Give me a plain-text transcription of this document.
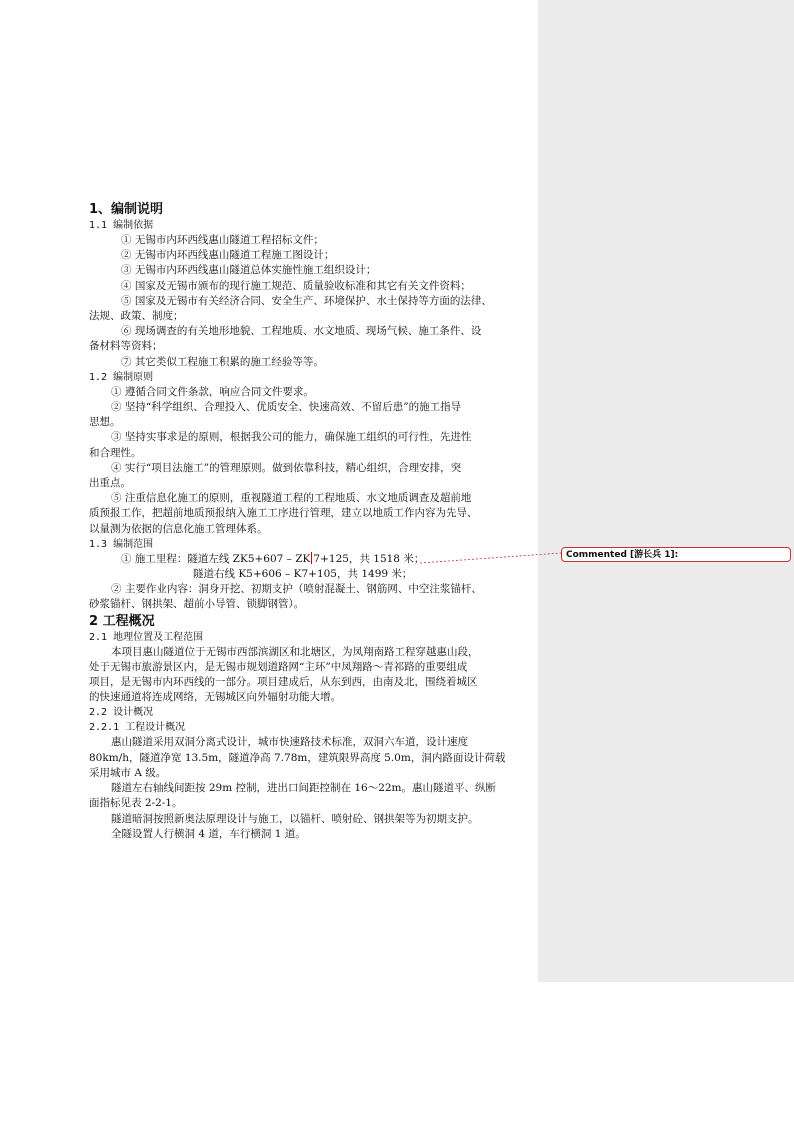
Commented [游长兵 1]:

1、编制说明

1.1 编制依据

① 无锡市内环西线惠山隧道工程招标文件；

② 无锡市内环西线惠山隧道工程施工图设计；

③ 无锡市内环西线惠山隧道总体实施性施工组织设计；

④ 国家及无锡市颁布的现行施工规范、质量验收标准和其它有关文件资料；

⑤ 国家及无锡市有关经济合同、安全生产、环境保护、水土保持等方面的法律、

法规、政策、制度；

⑥ 现场调查的有关地形地貌、工程地质、水文地质、现场气候、施工条件、设

备材料等资料；

⑦ 其它类似工程施工积累的施工经验等等。

1.2 编制原则

① 遵循合同文件条款，响应合同文件要求。

② 坚持“科学组织、合理投入、优质安全、快速高效、不留后患”的施工指导

思想。

③ 坚持实事求是的原则，根据我公司的能力，确保施工组织的可行性，先进性

和合理性。

④ 实行“项目法施工”的管理原则。做到依靠科技，精心组织，合理安排，突

出重点。

⑤ 注重信息化施工的原则，重视隧道工程的工程地质、水文地质调查及超前地

质预报工作，把超前地质预报纳入施工工序进行管理，建立以地质工作内容为先导、

以量测为依据的信息化施工管理体系。

1.3 编制范围

① 施工里程：隧道左线 ZK5+607 – ZK 7+125，共 1518 米；

隧道右线 K5+606 – K7+105，共 1499 米；

② 主要作业内容：洞身开挖、初期支护（喷射混凝土、钢筋网、中空注浆锚杆、

砂浆锚杆、钢拱架、超前小导管、锁脚钢管）。

2 工程概况

2.1 地理位置及工程范围

本项目惠山隧道位于无锡市西部滨湖区和北塘区，为凤翔南路工程穿越惠山段，

处于无锡市旅游景区内，是无锡市规划道路网“主环”中凤翔路～青祁路的重要组成

项目，是无锡市内环西线的一部分。项目建成后，从东到西，由南及北，围绕着城区

的快速通道将连成网络，无锡城区向外辐射功能大增。

2.2 设计概况

2.2.1 工程设计概况

惠山隧道采用双洞分离式设计，城市快速路技术标准，双洞六车道，设计速度

80km/h，隧道净宽 13.5m，隧道净高 7.78m，建筑限界高度 5.0m，洞内路面设计荷载

采用城市 A 级。

隧道左右轴线间距按 29m 控制，进出口间距控制在 16～22m。惠山隧道平、纵断

面指标见表 2-2-1。

隧道暗洞按照新奥法原理设计与施工，以锚杆、喷射砼、钢拱架等为初期支护。

全隧设置人行横洞 4 道，车行横洞 1 道。
